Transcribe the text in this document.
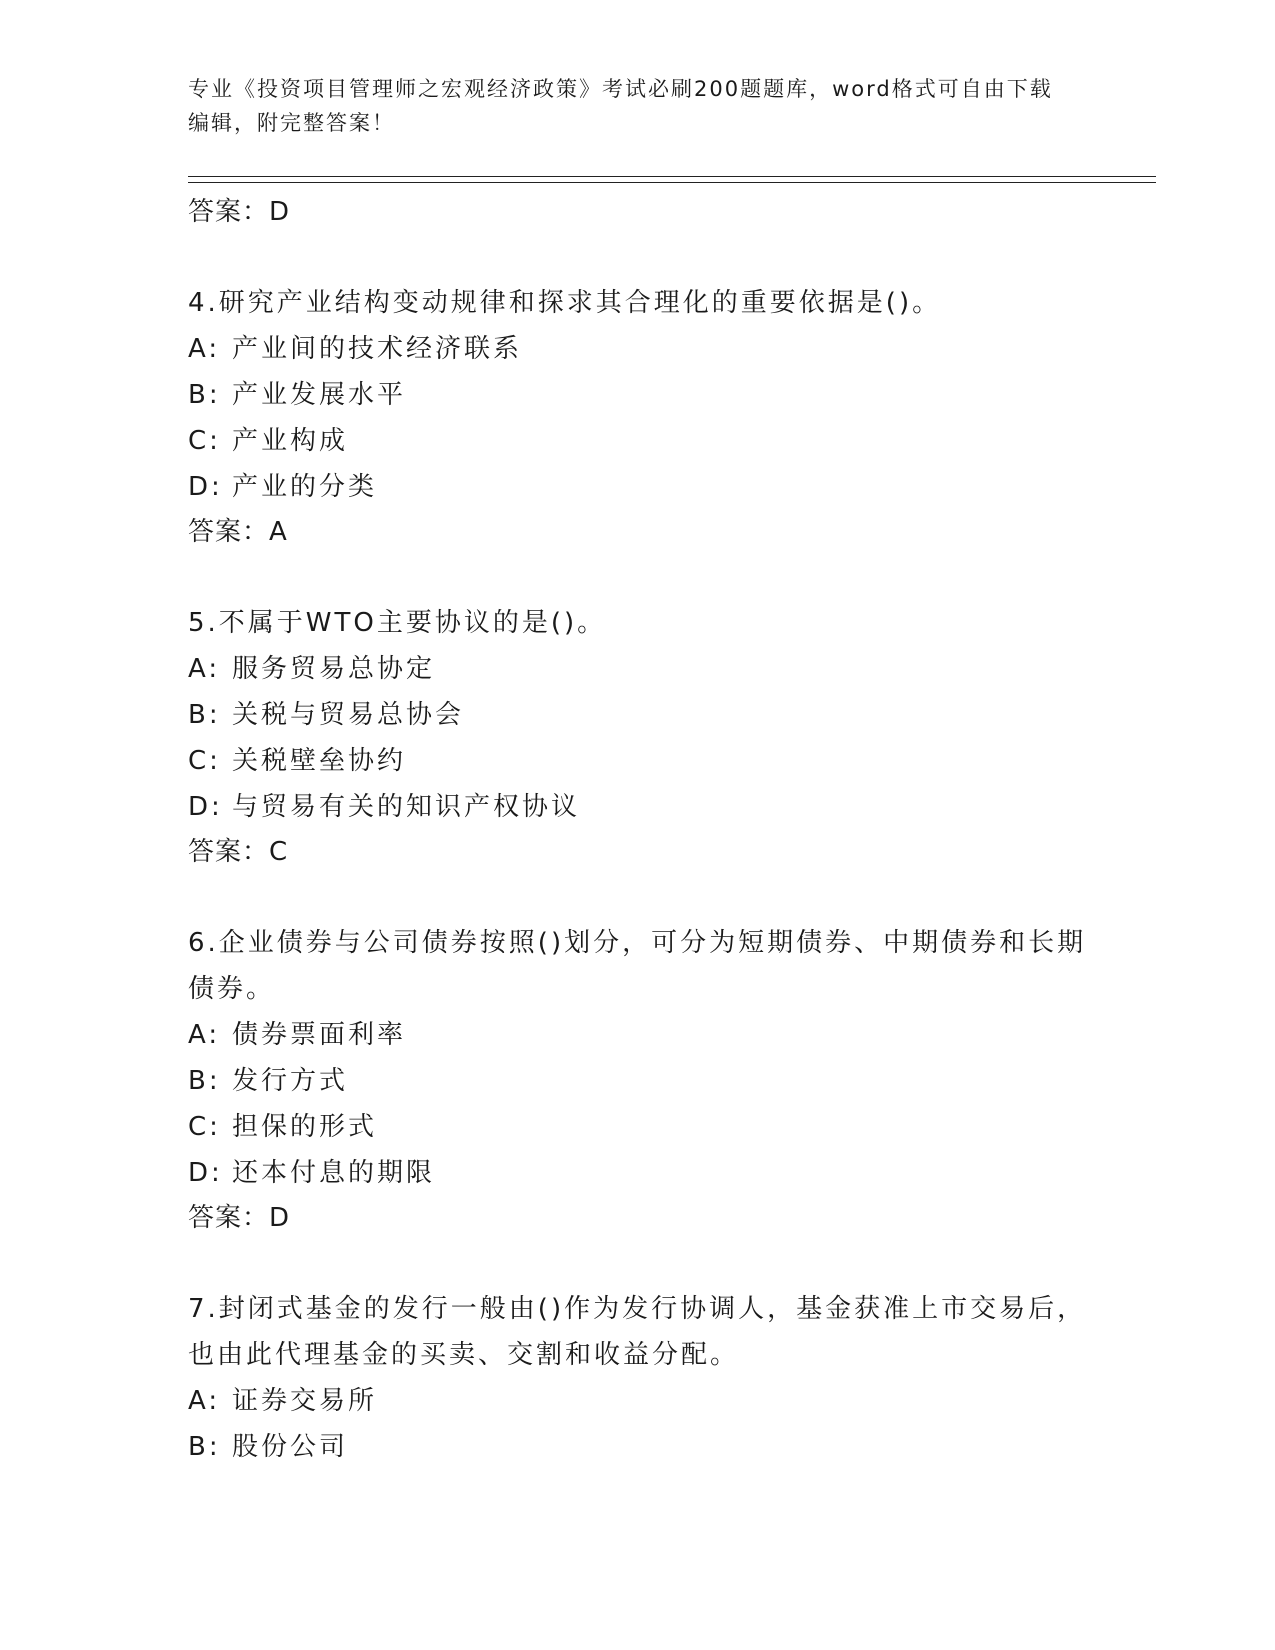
专业《投资项目管理师之宏观经济政策》考试必刷200题题库，word格式可自由下载编辑，附完整答案！
答案：D
4.研究产业结构变动规律和探求其合理化的重要依据是()。
A: 产业间的技术经济联系
B: 产业发展水平
C: 产业构成
D: 产业的分类
答案：A
5.不属于WTO主要协议的是()。
A: 服务贸易总协定
B: 关税与贸易总协会
C: 关税壁垒协约
D: 与贸易有关的知识产权协议
答案：C
6.企业债券与公司债券按照()划分，可分为短期债券、中期债券和长期债券。
A: 债券票面利率
B: 发行方式
C: 担保的形式
D: 还本付息的期限
答案：D
7.封闭式基金的发行一般由()作为发行协调人，基金获准上市交易后，也由此代理基金的买卖、交割和收益分配。
A: 证券交易所
B: 股份公司
